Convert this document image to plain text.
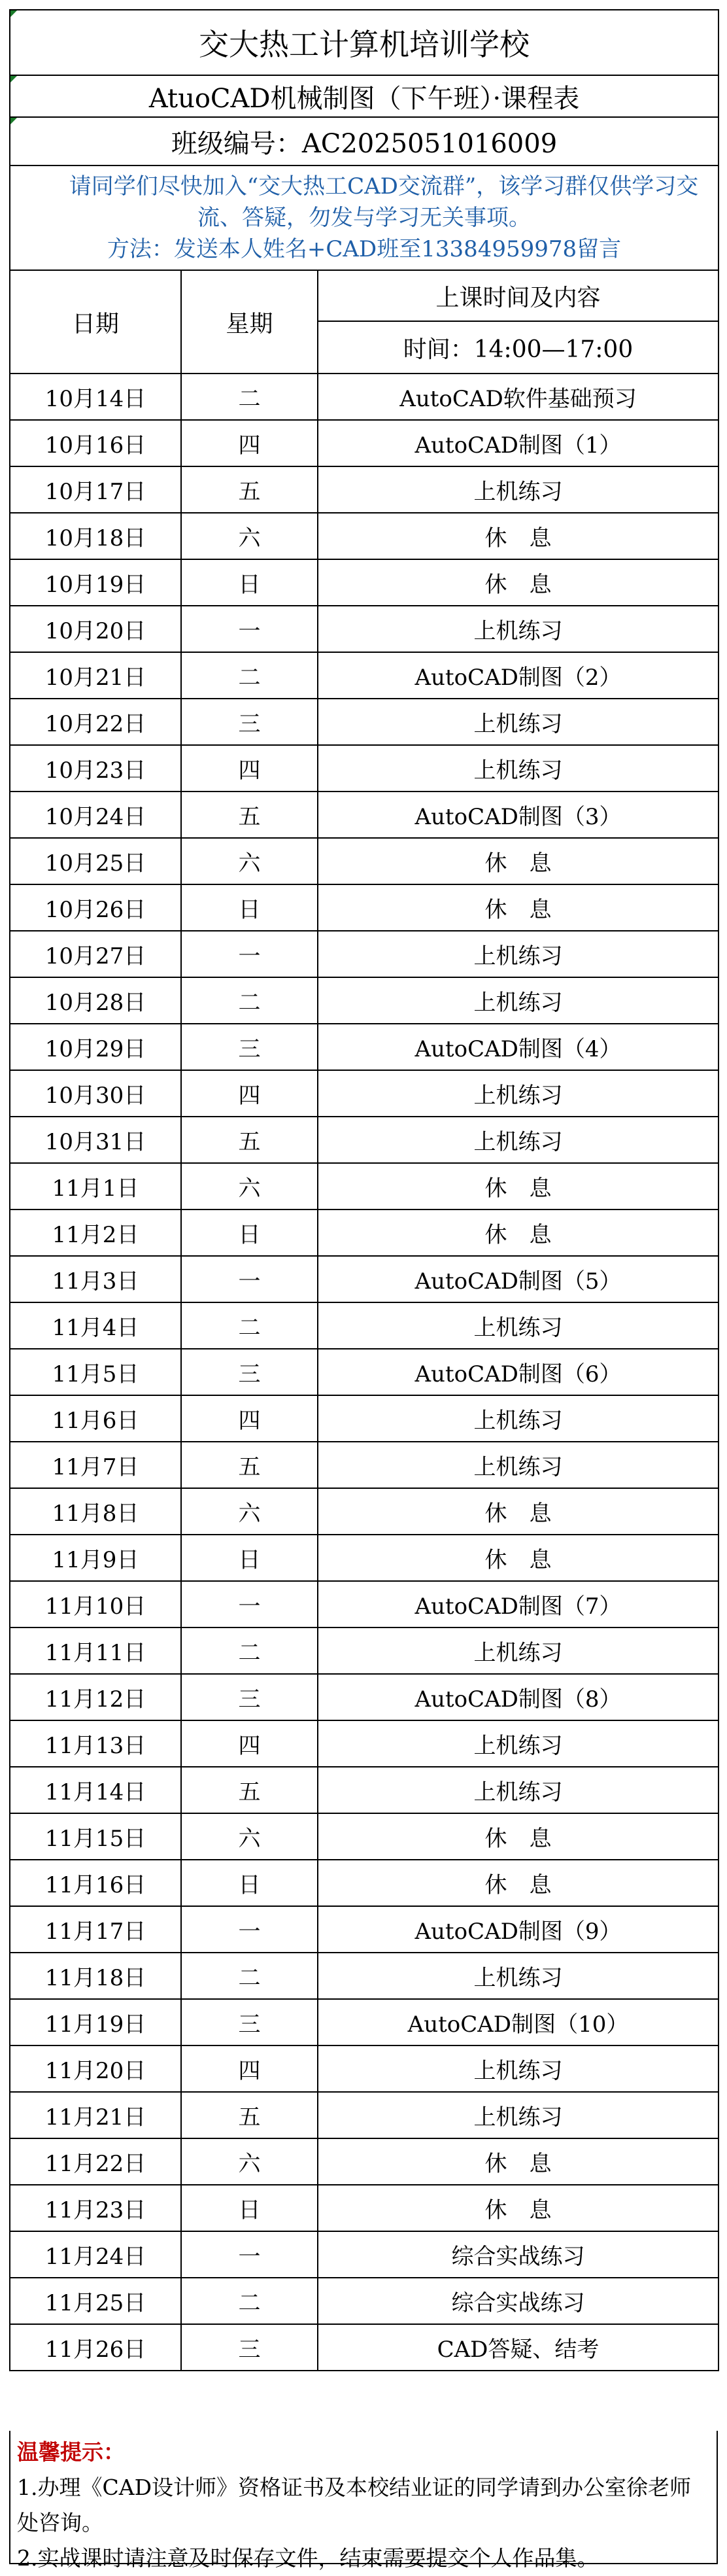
交大热工计算机培训学校		
AtuoCAD机械制图（下午班）·课程表		
班级编号：AC2025051016009		

请同学们尽快加入“交大热工CAD交流群”，该学习群仅供学习交流、答疑，勿发与学习无关事项。
方法：发送本人姓名+CAD班至13384959978留言		

日期	星期	上课时间及内容
		时间：14:00—17:00
10月14日	二	AutoCAD软件基础预习
10月16日	四	AutoCAD制图（1）
10月17日	五	上机练习
10月18日	六	休　息
10月19日	日	休　息
10月20日	一	上机练习
10月21日	二	AutoCAD制图（2）
10月22日	三	上机练习
10月23日	四	上机练习
10月24日	五	AutoCAD制图（3）
10月25日	六	休　息
10月26日	日	休　息
10月27日	一	上机练习
10月28日	二	上机练习
10月29日	三	AutoCAD制图（4）
10月30日	四	上机练习
10月31日	五	上机练习
11月1日	六	休　息
11月2日	日	休　息
11月3日	一	AutoCAD制图（5）
11月4日	二	上机练习
11月5日	三	AutoCAD制图（6）
11月6日	四	上机练习
11月7日	五	上机练习
11月8日	六	休　息
11月9日	日	休　息
11月10日	一	AutoCAD制图（7）
11月11日	二	上机练习
11月12日	三	AutoCAD制图（8）
11月13日	四	上机练习
11月14日	五	上机练习
11月15日	六	休　息
11月16日	日	休　息
11月17日	一	AutoCAD制图（9）
11月18日	二	上机练习
11月19日	三	AutoCAD制图（10）
11月20日	四	上机练习
11月21日	五	上机练习
11月22日	六	休　息
11月23日	日	休　息
11月24日	一	综合实战练习
11月25日	二	综合实战练习
11月26日	三	CAD答疑、结考
温馨提示：
1.办理《CAD设计师》资格证书及本校结业证的同学请到办公室徐老师处咨询。
2.实战课时请注意及时保存文件，结束需要提交个人作品集。
